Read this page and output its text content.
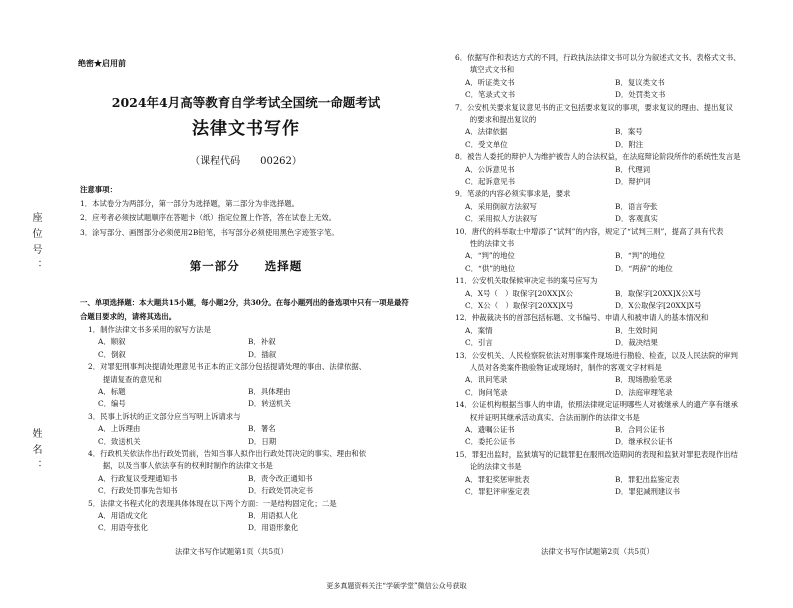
座位号：
姓名：
绝密★启用前
2024年4月高等教育自学考试全国统一命题考试
法律文书写作
（课程代码　　00262）
注意事项：
1．本试卷分为两部分，第一部分为选择题，第二部分为非选择题。
2．应考者必须按试题顺序在答题卡（纸）指定位置上作答，答在试卷上无效。
3．涂写部分、画图部分必须使用2B铅笔，书写部分必须使用黑色字迹签字笔。
第一部分　　选择题
一、单项选择题：本大题共15小题，每小题2分，共30分。在每小题列出的备选项中只有一项是最符合题目要求的，请将其选出。
1．制作法律文书多采用的叙写方法是
A．顺叙	B．补叙
C．倒叙	D．插叙
2．对罪犯刑事判决提请处理意见书正本的正文部分包括提请处理的事由、法律依据、
　　提请复查的意见和
A．标题	B．具体理由
C．编号	D．转送机关
3．民事上诉状的正文部分应当写明上诉请求与
A．上诉理由	B．署名
C．致送机关	D．日期
4．行政机关依法作出行政处罚前，告知当事人拟作出行政处罚决定的事实、理由和依
　　据，以及当事人依法享有的权利时制作的法律文书是
A．行政复议受理通知书	B．责令改正通知书
C．行政处罚事先告知书	D．行政处罚决定书
5．法律文书程式化的表现具体体现在以下两个方面：一是结构固定化；二是
A．用语成文化	B．用语拟人化
C．用语夸张化	D．用语形象化
6．依据写作和表达方式的不同，行政执法法律文书可以分为叙述式文书、表格式文书、
　　填空式文书和
A．听证类文书	B．复议类文书
C．笔录式文书	D．处罚类文书
7．公安机关要求复议意见书的正文包括要求复议的事项，要求复议的理由、提出复议
　　的要求和提出复议的
A．法律依据	B．案号
C．受文单位	D．附注
8．被告人委托的辩护人为维护被告人的合法权益，在法庭辩论阶段所作的系统性发言是
A．公诉意见书	B．代理词
C．起诉意见书	D．辩护词
9．笔录的内容必须实事求是，要求
A．采用倒叙方法叙写	B．语言夸张
C．采用拟人方法叙写	D．客观真实
10．唐代的科举取士中增添了“试判”的内容，规定了“试判三则”，提高了具有代表
　　性的法律文书
A．“判”的地位	B．“判”的地位
C．“供”的地位	D．“两辞”的地位
11．公安机关取保候审决定书的案号应写为
A．X号（　）取保字[20XX]X公	B．取保字[20XX]X公X号
C．X公（　）取保字[20XX]X号	D．X公取保字[20XX]X号
12．仲裁裁决书的首部包括标题、文书编号、申请人和被申请人的基本情况和
A．案情	B．生效时间
C．引言	D．裁决结果
13．公安机关、人民检察院依法对刑事案件现场进行勘验、检查，以及人民法院的审判
　　人员对各类案件勘验物证或现场时，制作的客观文字材料是
A．讯问笔录	B．现场勘验笔录
C．询问笔录	D．法庭审理笔录
14．公证机构根据当事人的申请，依照法律规定证明哪些人对被继承人的遗产享有继承
　　权并证明其继承活动真实、合法而制作的法律文书是
A．遗嘱公证书	B．合同公证书
C．委托公证书	D．继承权公证书
15．罪犯出监时，监狱填写的记载罪犯在服刑改造期间的表现和监狱对罪犯表现作出结
　　论的法律文书是
A．罪犯奖惩审批表	B．罪犯出监鉴定表
C．罪犯评审鉴定表	D．罪犯减刑建议书
法律文书写作试题第1页（共5页）	法律文书写作试题第2页（共5页）
更多真题资料关注“学硕学堂”微信公众号获取
